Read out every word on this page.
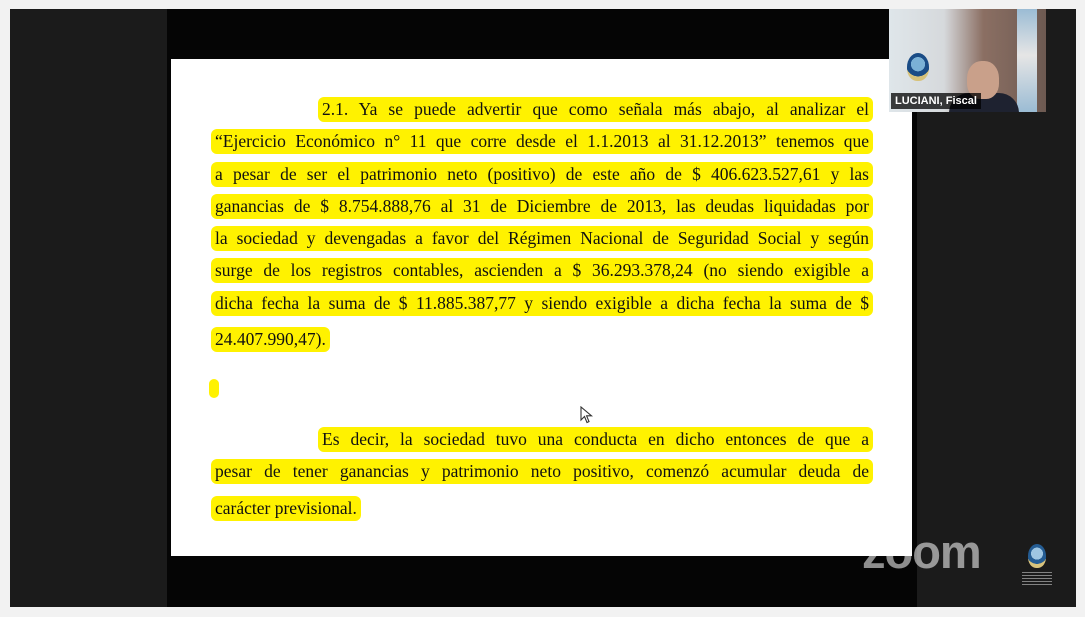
2.1. Ya se puede advertir que como señala más abajo, al analizar el
“Ejercicio Económico n° 11 que corre desde el 1.1.2013 al 31.12.2013” tenemos que
a pesar de ser el patrimonio neto (positivo) de este año de $ 406.623.527,61 y las
ganancias de $ 8.754.888,76 al 31 de Diciembre de 2013, las deudas liquidadas por
la sociedad y devengadas a favor del Régimen Nacional de Seguridad Social y según
surge de los registros contables, ascienden a $ 36.293.378,24 (no siendo exigible a
dicha fecha la suma de $ 11.885.387,77 y siendo exigible a dicha fecha la suma de $
24.407.990,47).
Es decir, la sociedad tuvo una conducta en dicho entonces de que a
pesar de tener ganancias y patrimonio neto positivo, comenzó acumular deuda de
carácter previsional.
LUCIANI, Fiscal
zoom
